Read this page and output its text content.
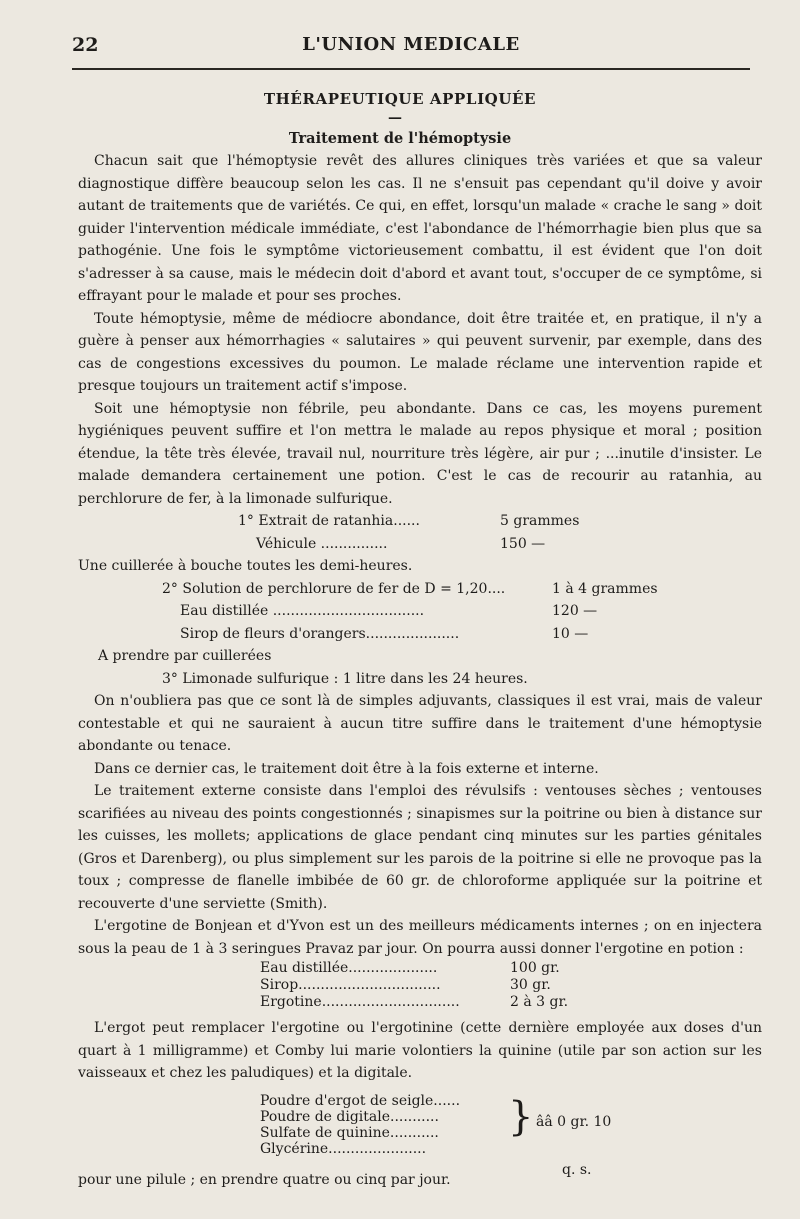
22	L'UNION MEDICALE
THÉRAPEUTIQUE APPLIQUÉE
—
Traitement de l'hémoptysie

Chacun sait que l'hémoptysie revêt des allures cliniques très variées et que sa valeur diagnostique diffère beaucoup selon les cas. Il ne s'ensuit pas cependant qu'il doive y avoir autant de traitements que de variétés. Ce qui, en effet, lorsqu'un malade « crache le sang » doit guider l'intervention médicale immédiate, c'est l'abondance de l'hémorrhagie bien plus que sa pathogénie. Une fois le symptôme victorieusement combattu, il est évident que l'on doit s'adresser à sa cause, mais le médecin doit d'abord et avant tout, s'occuper de ce symptôme, si effrayant pour le malade et pour ses proches.

Toute hémoptysie, même de médiocre abondance, doit être traitée et, en pratique, il n'y a guère à penser aux hémorrhagies « salutaires » qui peuvent survenir, par exemple, dans des cas de congestions excessives du poumon. Le malade réclame une intervention rapide et presque toujours un traitement actif s'impose.

Soit une hémoptysie non fébrile, peu abondante. Dans ce cas, les moyens purement hygiéniques peuvent suffire et l'on mettra le malade au repos physique et moral ; position étendue, la tête très élevée, travail nul, nourriture très légère, air pur ; ...inutile d'insister. Le malade demandera certainement une potion. C'est le cas de recourir au ratanhia, au perchlorure de fer, à la limonade sulfurique.

1° Extrait de ratanhia......	5 grammes
Véhicule ...............	150 —

Une cuillerée à bouche toutes les demi-heures.

2° Solution de perchlorure de fer de D = 1,20....	1 à 4 grammes
Eau distillée ..................................	120 —
Sirop de fleurs d'orangers.....................	10 —

A prendre par cuillerées

3° Limonade sulfurique : 1 litre dans les 24 heures.

On n'oubliera pas que ce sont là de simples adjuvants, classiques il est vrai, mais de valeur contestable et qui ne sauraient à aucun titre suffire dans le traitement d'une hémoptysie abondante ou tenace.

Dans ce dernier cas, le traitement doit être à la fois externe et interne.

Le traitement externe consiste dans l'emploi des révulsifs : ventouses sèches ; ventouses scarifiées au niveau des points congestionnés ; sinapismes sur la poitrine ou bien à distance sur les cuisses, les mollets; applications de glace pendant cinq minutes sur les parties génitales (Gros et Darenberg), ou plus simplement sur les parois de la poitrine si elle ne provoque pas la toux ; compresse de flanelle imbibée de 60 gr. de chloroforme appliquée sur la poitrine et recouverte d'une serviette (Smith).

L'ergotine de Bonjean et d'Yvon est un des meilleurs médicaments internes ; on en injectera sous la peau de 1 à 3 seringues Pravaz par jour. On pourra aussi donner l'ergotine en potion :

Eau distillée....................	100 gr.
Sirop................................	30 gr.
Ergotine...............................	2 à 3 gr.

L'ergot peut remplacer l'ergotine ou l'ergotinine (cette dernière employée aux doses d'un quart à 1 milligramme) et Comby lui marie volontiers la quinine (utile par son action sur les vaisseaux et chez les paludiques) et la digitale.

Poudre d'ergot de seigle......
Poudre de digitale...........
Sulfate de quinine...........
Glycérine......................
} ââ 0 gr. 10
q. s.

pour une pilule ; en prendre quatre ou cinq par jour.
